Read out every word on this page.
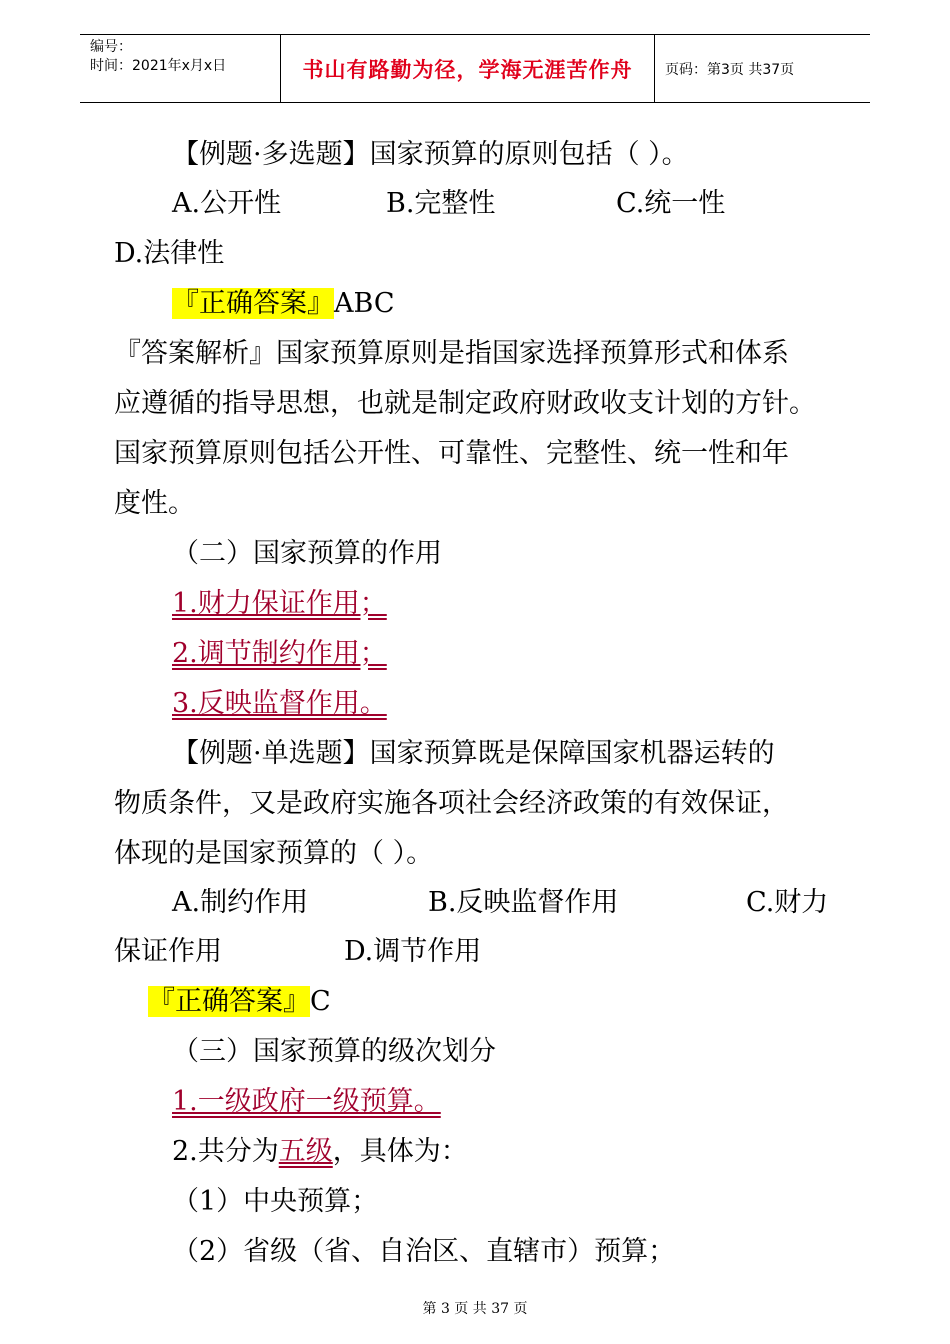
编号：
时间：2021年x月x日	书山有路勤为径，学海无涯苦作舟	页码：第3页 共37页
【例题·多选题】国家预算的原则包括（ ）。
A.公开性	B.完整性	C.统一性
D.法律性
『正确答案』ABC
『答案解析』国家预算原则是指国家选择预算形式和体系
应遵循的指导思想，也就是制定政府财政收支计划的方针。
国家预算原则包括公开性、可靠性、完整性、统一性和年
度性。
（二）国家预算的作用
1.财力保证作用；
2.调节制约作用；
3.反映监督作用。
【例题·单选题】国家预算既是保障国家机器运转的
物质条件，又是政府实施各项社会经济政策的有效保证，
体现的是国家预算的（ ）。
A.制约作用	B.反映监督作用	C.财力
保证作用	D.调节作用
『正确答案』C
（三）国家预算的级次划分
1.一级政府一级预算。
2.共分为五级，具体为：
（1）中央预算；
（2）省级（省、自治区、直辖市）预算；
第 3 页 共 37 页
